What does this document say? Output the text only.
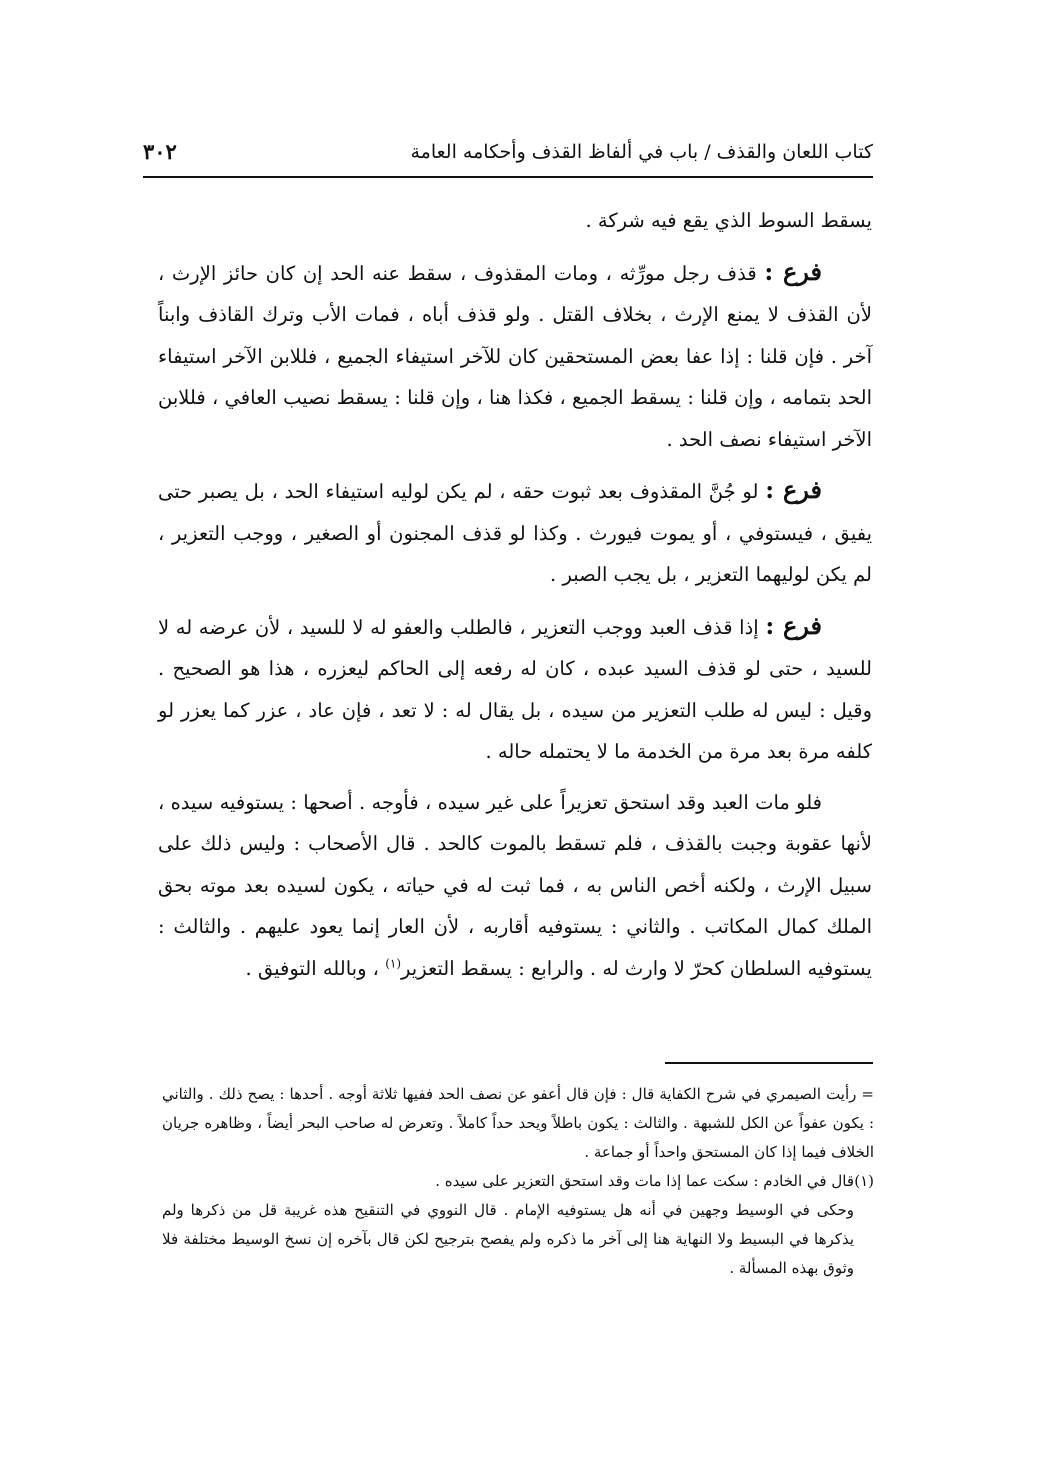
كتاب اللعان والقذف / باب في ألفاظ القذف وأحكامه العامة
٣٠٢

يسقط السوط الذي يقع فيه شركة .

فرع : قذف رجل مورِّثه ، ومات المقذوف ، سقط عنه الحد إن كان حائز الإرث ، لأن القذف لا يمنع الإرث ، بخلاف القتل . ولو قذف أباه ، فمات الأب وترك القاذف وابناً آخر . فإن قلنا : إذا عفا بعض المستحقين كان للآخر استيفاء الجميع ، فللابن الآخر استيفاء الحد بتمامه ، وإن قلنا : يسقط الجميع ، فكذا هنا ، وإن قلنا : يسقط نصيب العافي ، فللابن الآخر استيفاء نصف الحد .

فرع : لو جُنَّ المقذوف بعد ثبوت حقه ، لم يكن لوليه استيفاء الحد ، بل يصبر حتى يفيق ، فيستوفي ، أو يموت فيورث . وكذا لو قذف المجنون أو الصغير ، ووجب التعزير ، لم يكن لوليهما التعزير ، بل يجب الصبر .

فرع : إذا قذف العبد ووجب التعزير ، فالطلب والعفو له لا للسيد ، لأن عرضه له لا للسيد ، حتى لو قذف السيد عبده ، كان له رفعه إلى الحاكم ليعزره ، هذا هو الصحيح . وقيل : ليس له طلب التعزير من سيده ، بل يقال له : لا تعد ، فإن عاد ، عزر كما يعزر لو كلفه مرة بعد مرة من الخدمة ما لا يحتمله حاله .

فلو مات العبد وقد استحق تعزيراً على غير سيده ، فأوجه . أصحها : يستوفيه سيده ، لأنها عقوبة وجبت بالقذف ، فلم تسقط بالموت كالحد . قال الأصحاب : وليس ذلك على سبيل الإرث ، ولكنه أخص الناس به ، فما ثبت له في حياته ، يكون لسيده بعد موته بحق الملك كمال المكاتب . والثاني : يستوفيه أقاربه ، لأن العار إنما يعود عليهم . والثالث : يستوفيه السلطان كحرّ لا وارث له . والرابع : يسقط التعزير$^{(١)}$ ، وبالله التوفيق .

= رأيت الصيمري في شرح الكفاية قال : فإن قال أعفو عن نصف الحد ففيها ثلاثة أوجه . أحدها : يصح ذلك . والثاني : يكون عفواً عن الكل للشبهة . والثالث : يكون باطلاً ويحد حداً كاملاً . وتعرض له صاحب البحر أيضاً ، وظاهره جريان الخلاف فيما إذا كان المستحق واحداً أو جماعة .

(١)قال في الخادم : سكت عما إذا مات وقد استحق التعزير على سيده .

وحكى في الوسيط وجهين في أنه هل يستوفيه الإمام . قال النووي في التنقيح هذه غريبة قل من ذكرها ولم يذكرها في البسيط ولا النهاية هنا إلى آخر ما ذكره ولم يفصح بترجيح لكن قال بآخره إن نسخ الوسيط مختلفة فلا وثوق بهذه المسألة .
